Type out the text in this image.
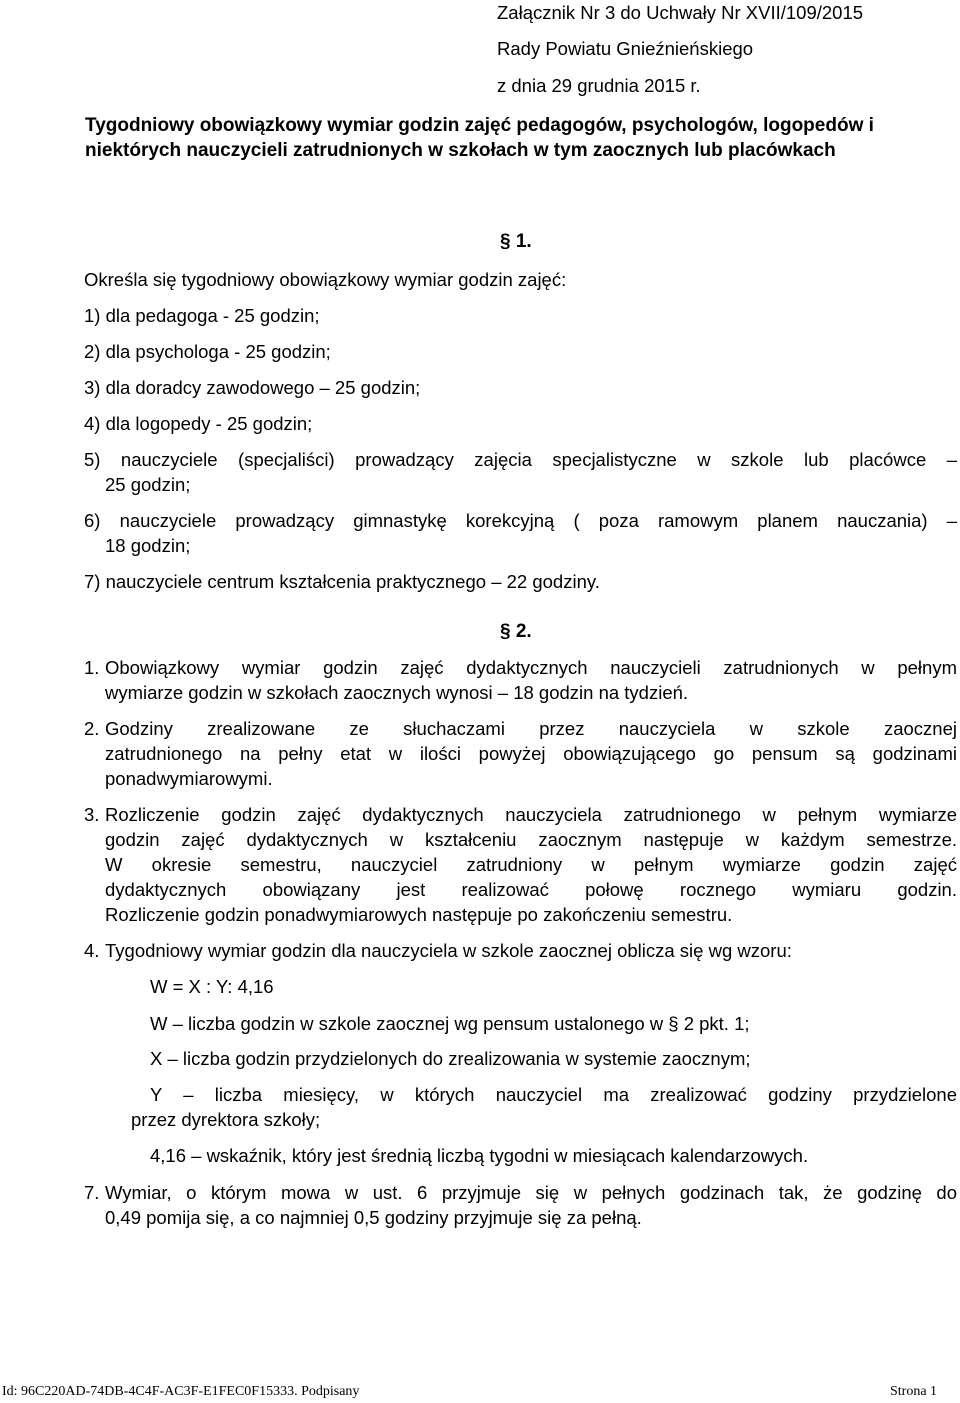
Załącznik Nr 3 do Uchwały Nr XVII/109/2015
Rady Powiatu Gnieźnieńskiego
z dnia 29 grudnia 2015 r.
Tygodniowy obowiązkowy wymiar godzin zajęć pedagogów, psychologów, logopedów i niektórych nauczycieli zatrudnionych w szkołach w tym zaocznych lub placówkach
§ 1.
Określa się tygodniowy obowiązkowy wymiar godzin zajęć:
1) dla pedagoga - 25 godzin;
2) dla psychologa - 25 godzin;
3) dla doradcy zawodowego – 25 godzin;
4) dla logopedy - 25 godzin;
5) nauczyciele (specjaliści) prowadzący zajęcia specjalistyczne w szkole lub placówce –
25 godzin;
6) nauczyciele prowadzący gimnastykę korekcyjną ( poza ramowym planem nauczania) –
18 godzin;
7) nauczyciele centrum kształcenia praktycznego – 22 godziny.
§ 2.
1. Obowiązkowy wymiar godzin zajęć dydaktycznych nauczycieli zatrudnionych w pełnym
wymiarze godzin w szkołach zaocznych wynosi – 18 godzin na tydzień.
2. Godziny zrealizowane ze słuchaczami przez nauczyciela w szkole zaocznej
zatrudnionego na pełny etat w ilości powyżej obowiązującego go pensum są godzinami
ponadwymiarowymi.
3. Rozliczenie godzin zajęć dydaktycznych nauczyciela zatrudnionego w pełnym wymiarze
godzin zajęć dydaktycznych w kształceniu zaocznym następuje w każdym semestrze.
W okresie semestru, nauczyciel zatrudniony w pełnym wymiarze godzin zajęć
dydaktycznych obowiązany jest realizować połowę rocznego wymiaru godzin.
Rozliczenie godzin ponadwymiarowych następuje po zakończeniu semestru.
4. Tygodniowy wymiar godzin dla nauczyciela w szkole zaocznej oblicza się wg wzoru:
W = X : Y: 4,16
W – liczba godzin w szkole zaocznej wg pensum ustalonego w § 2 pkt. 1;
X – liczba godzin przydzielonych do zrealizowania w systemie zaocznym;
Y – liczba miesięcy, w których nauczyciel ma zrealizować godziny przydzielone
przez dyrektora szkoły;
4,16 – wskaźnik, który jest średnią liczbą tygodni w miesiącach kalendarzowych.
7. Wymiar, o którym mowa w ust. 6 przyjmuje się w pełnych godzinach tak, że godzinę do
0,49 pomija się, a co najmniej 0,5 godziny przyjmuje się za pełną.
Id: 96C220AD-74DB-4C4F-AC3F-E1FEC0F15333. Podpisany	Strona 1
